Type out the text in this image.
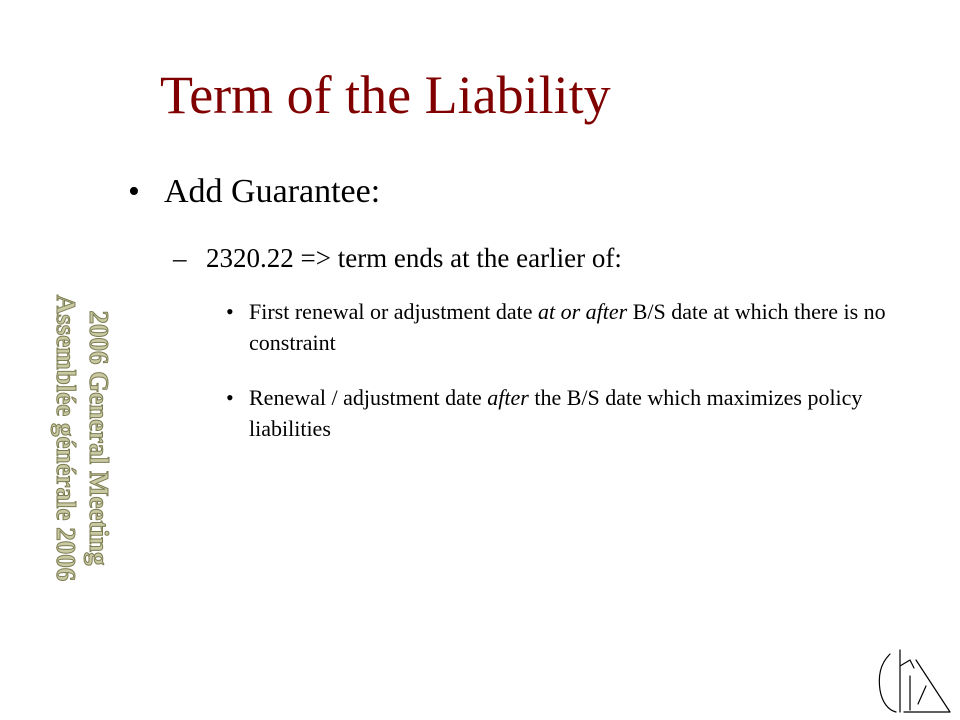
Term of the Liability
• Add Guarantee:
– 2320.22 => term ends at the earlier of:
• First renewal or adjustment date at or after B/S date at which there is no constraint
• Renewal / adjustment date after the B/S date which maximizes policy liabilities
2006 General Meeting
Assemblée générale 2006
